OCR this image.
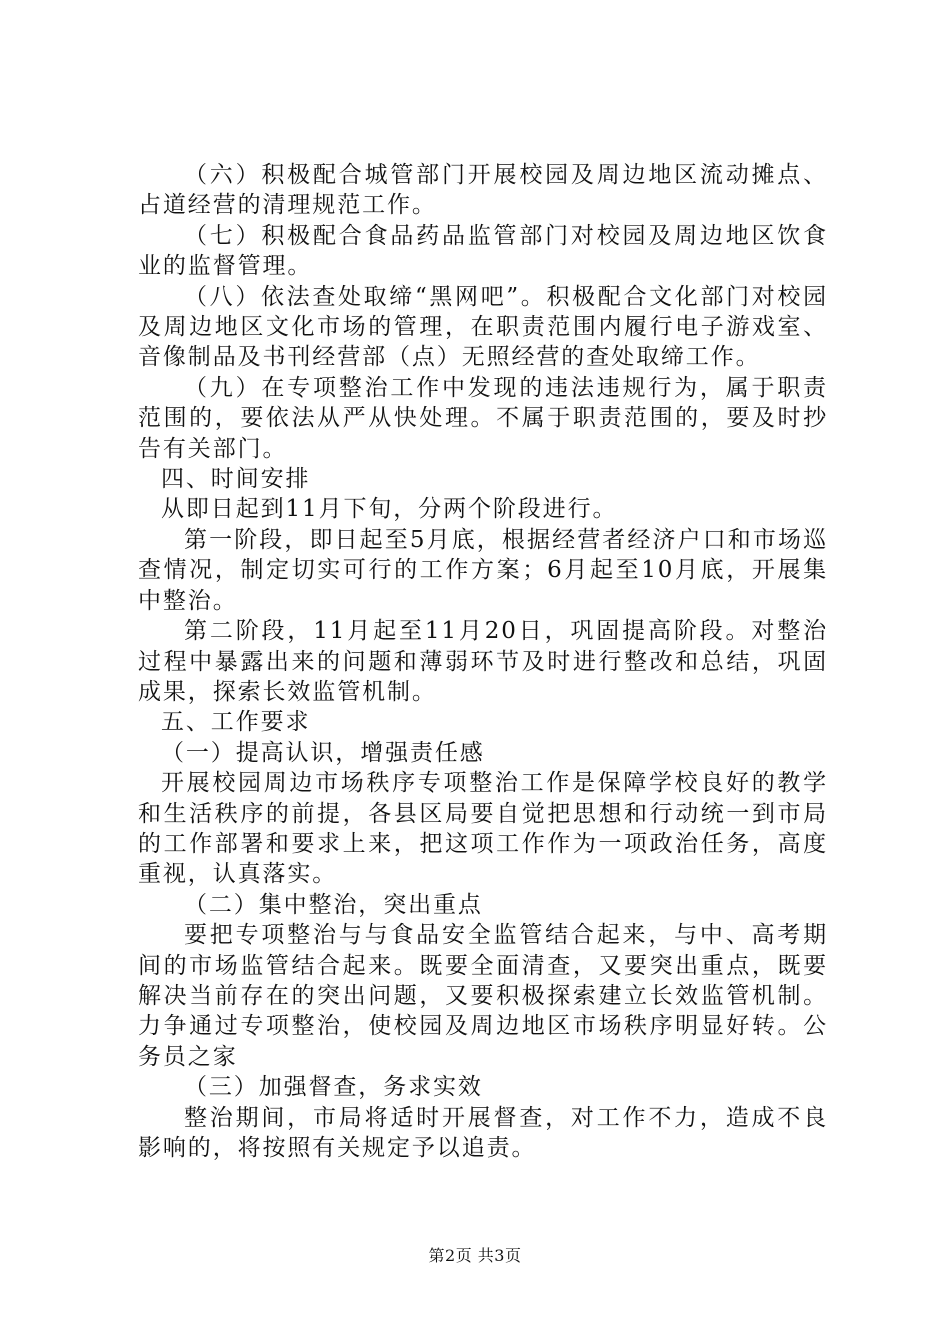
（六）积极配合城管部门开展校园及周边地区流动摊点、占道经营的清理规范工作。

（七）积极配合食品药品监管部门对校园及周边地区饮食业的监督管理。

（八）依法查处取缔“黑网吧”。积极配合文化部门对校园及周边地区文化市场的管理，在职责范围内履行电子游戏室、音像制品及书刊经营部（点）无照经营的查处取缔工作。

（九）在专项整治工作中发现的违法违规行为，属于职责范围的，要依法从严从快处理。不属于职责范围的，要及时抄告有关部门。

四、时间安排

从即日起到11月下旬，分两个阶段进行。

第一阶段，即日起至5月底，根据经营者经济户口和市场巡查情况，制定切实可行的工作方案；6月起至10月底，开展集中整治。

第二阶段，11月起至11月20日，巩固提高阶段。对整治过程中暴露出来的问题和薄弱环节及时进行整改和总结，巩固成果，探索长效监管机制。

五、工作要求

（一）提高认识，增强责任感

开展校园周边市场秩序专项整治工作是保障学校良好的教学和生活秩序的前提，各县区局要自觉把思想和行动统一到市局的工作部署和要求上来，把这项工作作为一项政治任务，高度重视，认真落实。

（二）集中整治，突出重点

要把专项整治与与食品安全监管结合起来，与中、高考期间的市场监管结合起来。既要全面清查，又要突出重点，既要解决当前存在的突出问题，又要积极探索建立长效监管机制。力争通过专项整治，使校园及周边地区市场秩序明显好转。公务员之家

（三）加强督查，务求实效

整治期间，市局将适时开展督查，对工作不力，造成不良影响的，将按照有关规定予以追责。

第2页 共3页
